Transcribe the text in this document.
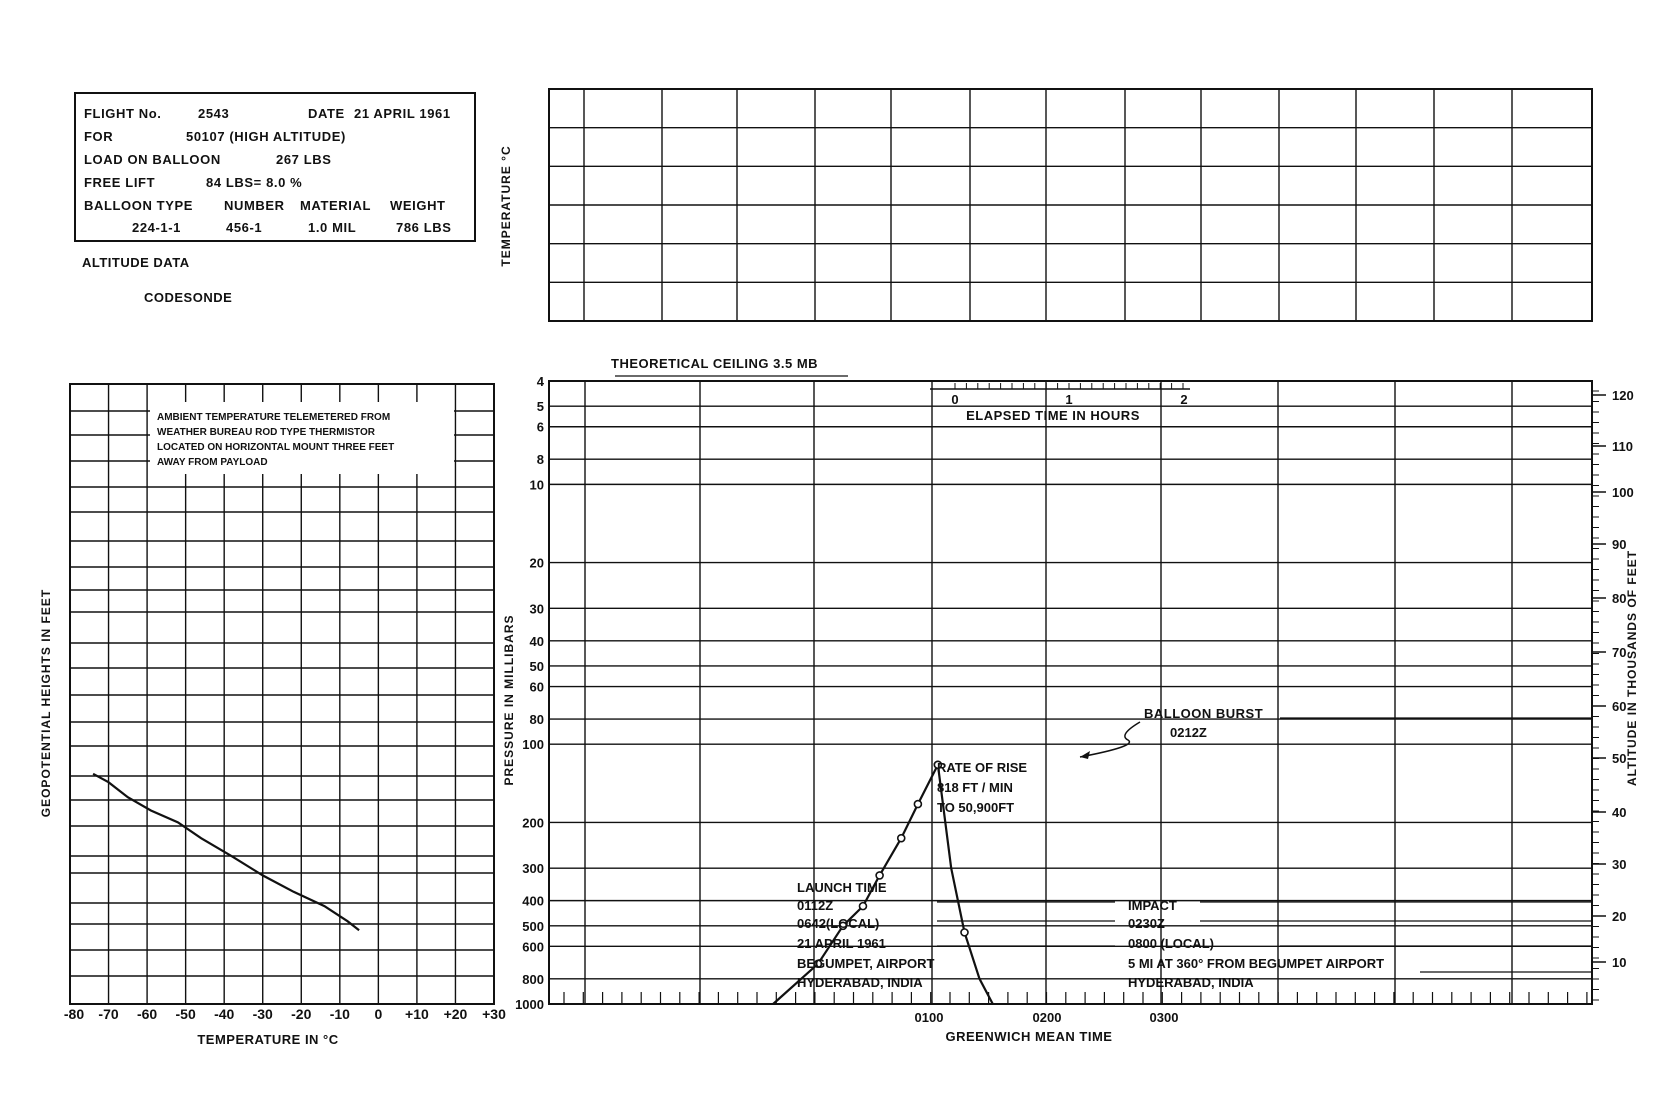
FLIGHT No.	2543	DATE 21 APRIL 1961
FOR	50107 (HIGH ALTITUDE)
LOAD ON BALLOON	267 LBS
FREE LIFT	84 LBS= 8.0 %
BALLOON TYPE NUMBER MATERIAL WEIGHT
224-1-1	456-1	1.0 MIL	786 LBS
ALTITUDE DATA
CODESONDE
4
5
6
8
10
20
30
40
50
60
80
100
200
300
400
500
600
800
1000
120
110
100
90
80
70
60
50
40
30
20
10
0100	0200	0300
0	1	2
-80 -70 -60 -50 -40 -30 -20 -10 0 +10 +20 +30
TEMPERATURE °C
THEORETICAL CEILING 3.5 MB
GEOPOTENTIAL HEIGHTS IN FEET
TEMPERATURE IN °C
AMBIENT TEMPERATURE TELEMETERED FROM
WEATHER BUREAU ROD TYPE THERMISTOR
LOCATED ON HORIZONTAL MOUNT THREE FEET
AWAY FROM PAYLOAD
PRESSURE IN MILLIBARS	ALTITUDE IN THOUSANDS OF FEET
GREENWICH MEAN TIME
ELAPSED TIME IN HOURS
RATE OF RISE
818 FT / MIN
TO 50,900FT
BALLOON BURST
0212Z
LAUNCH TIME
0112Z
0642(LOCAL)
21 APRIL 1961
BEGUMPET, AIRPORT
HYDERABAD, INDIA
IMPACT
0230Z
0800 (LOCAL)
5 MI AT 360° FROM BEGUMPET AIRPORT
HYDERABAD, INDIA
